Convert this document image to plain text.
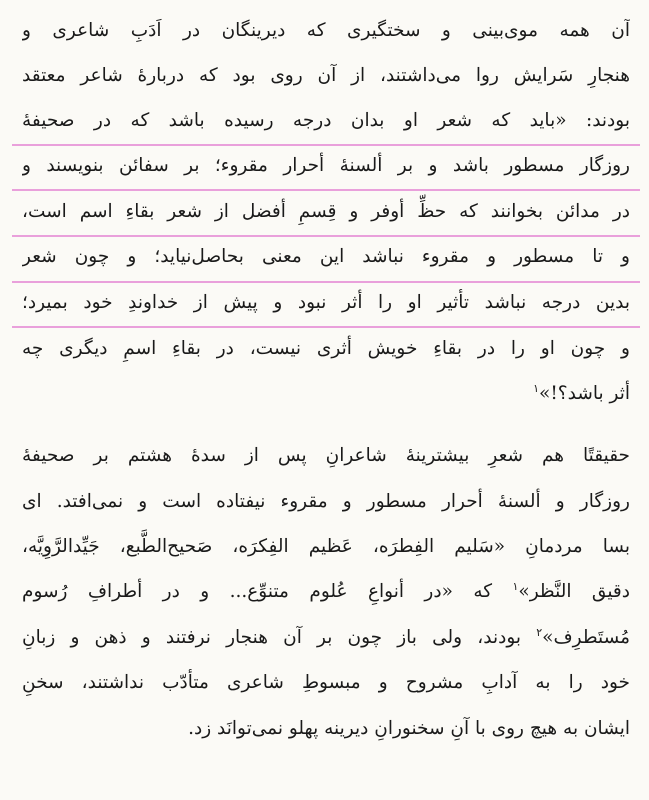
آن همه موی‌بینی و سختگیری که دیرینگان در اَدَبِ شاعری و
هنجارِ سَرایش روا می‌داشتند، از آن روی بود که دربارهٔ شاعر معتقد
بودند: «باید که شعر او بدان درجه رسیده باشد که در صحیفهٔ
روزگار مسطور باشد و بر ألسنهٔ أحرار مقروء؛ بر سفائن بنویسند و
در مدائن بخوانند که حظِّ أوفر و قِسمِ أفضل از شعر بقاءِ اسم است،
و تا مسطور و مقروء نباشد این معنی بحاصل‌نیاید؛ و چون شعر
بدین درجه نباشد تأثیر او را أثر نبود و پیش از خداوندِ خود بمیرد؛
و چون او را در بقاءِ خویش أثری نیست، در بقاءِ اسمِ دیگری چه
أثر باشد؟!»$^۱$
حقیقتًا هم شعرِ بیشترینهٔ شاعرانِ پس از سدهٔ هشتم بر صحیفهٔ
روزگار و ألسنهٔ أحرار مسطور و مقروء نیفتاده است و نمی‌افتد. ای
بسا مردمانِ «سَلیم الفِطرَه، عَظیم الفِکرَه، صَحیح‌الطَّبع، جَیِّدالرَّوِیَّه،
دقیق النَّظر»$^۱$ که «در أنواعِ عُلوم متنوِّع... و در أطرافِ رُسوم
مُستَطرِف»$^۲$ بودند، ولی باز چون بر آن هنجار نرفتند و ذهن و زبانِ
خود را به آدابِ مشروح و مبسوطِ شاعری متأدّب نداشتند، سخنِ
ایشان به هیچ روی با آنِ سخنورانِ دیرینه پهلو نمی‌توانَد زد.
